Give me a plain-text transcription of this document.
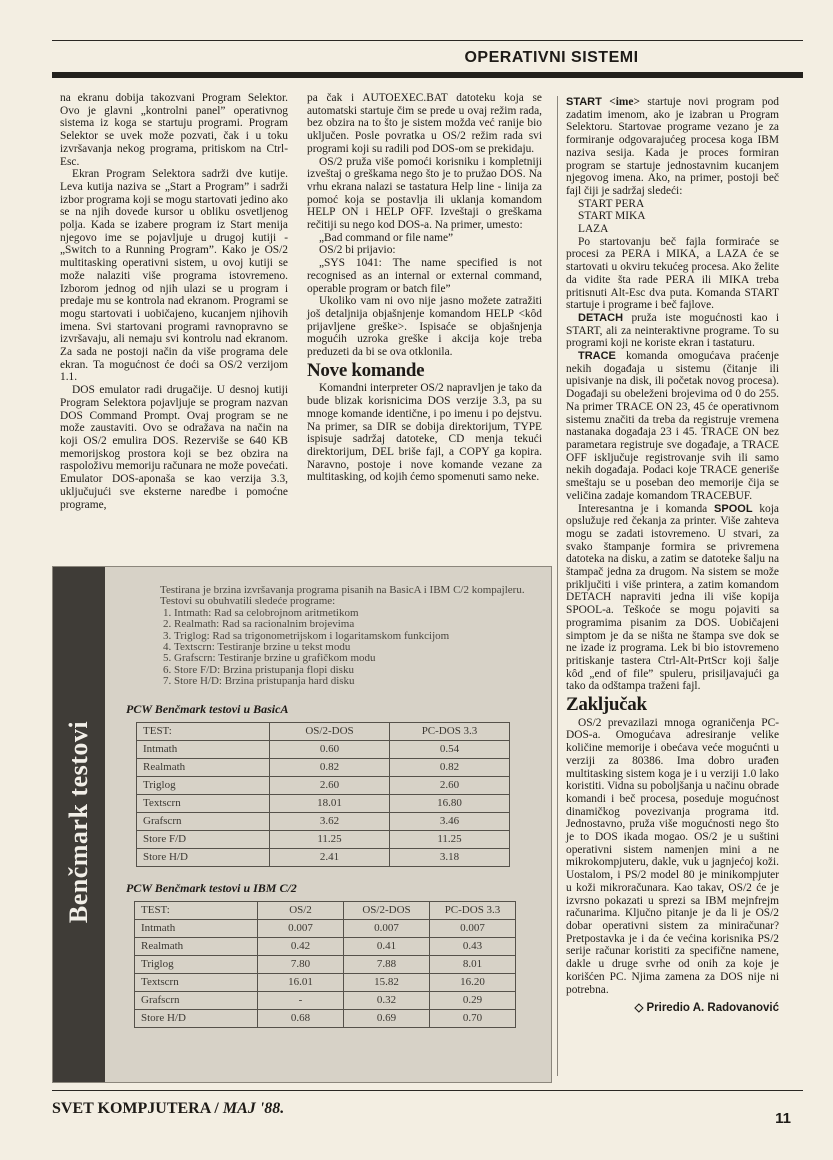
OPERATIVNI SISTEMI

na ekranu dobija takozvani Program Selektor. Ovo je glavni „kontrolni panel” operativnog sistema iz koga se startuju programi. Program Selektor se uvek može pozvati, čak i u toku izvršavanja nekog programa, pritiskom na Ctrl-Esc.

Ekran Program Selektora sadrži dve kutije. Leva kutija naziva se „Start a Program” i sadrži izbor programa koji se mogu startovati jedino ako se na njih dovede kursor u obliku osvetljenog polja. Kada se izabere program iz Start menija njegovo ime se pojavljuje u drugoj kutiji - „Switch to a Running Program”. Kako je OS/2 multitasking operativni sistem, u ovoj kutiji se može nalaziti više programa istovremeno. Izborom jednog od njih ulazi se u program i predaje mu se kontrola nad ekranom. Programi se mogu startovati i uobičajeno, kucanjem njihovih imena. Svi startovani programi ravnopravno se izvršavaju, ali nemaju svi kontrolu nad ekranom. Za sada ne postoji način da više programa dele ekran. Ta mogućnost će doći sa OS/2 verzijom 1.1.

DOS emulator radi drugačije. U desnoj kutiji Program Selektora pojavljuje se program nazvan DOS Command Prompt. Ovaj program se ne može zaustaviti. Ovo se odražava na način na koji OS/2 emulira DOS. Rezerviše se 640 KB memorijskog prostora koji se bez obzira na raspoloživu memoriju računara ne može povećati. Emulator DOS-aponaša se kao verzija 3.3, uključujući sve eksterne naredbe i pomoćne programe,

pa čak i AUTOEXEC.BAT datoteku koja se automatski startuje čim se prede u ovaj režim rada, bez obzira na to što je sistem možda već ranije bio uključen. Posle povratka u OS/2 režim rada svi programi koji su radili pod DOS-om se prekidaju.

OS/2 pruža više pomoći korisniku i kompletniji izveštaj o greškama nego što je to pružao DOS. Na vrhu ekrana nalazi se tastatura Help line - linija za pomoć koja se postavlja ili uklanja komandom HELP ON i HELP OFF. Izveštaji o greškama rečitiji su nego kod DOS-a. Na primer, umesto:

„Bad command or file name”

OS/2 bi prijavio:

„SYS 1041: The name specified is not recognised as an internal or external command, operable program or batch file”

Ukoliko vam ni ovo nije jasno možete zatražiti još detaljnija objašnjenje komandom HELP <kôd prijavljene greške>. Ispisaće se objašnjenja mogućih uzroka greške i akcija koje treba preduzeti da bi se ova otklonila.

Nove komande

Komandni interpreter OS/2 napravljen je tako da bude blizak korisnicima DOS verzije 3.3, pa su mnoge komande identične, i po imenu i po dejstvu. Na primer, sa DIR se dobija direktorijum, TYPE ispisuje sadržaj datoteke, CD menja tekući direktorijum, DEL briše fajl, a COPY ga kopira. Naravno, postoje i nove komande vezane za multitasking, od kojih ćemo spomenuti samo neke.

START <ime> startuje novi program pod zadatim imenom, ako je izabran u Program Selektoru. Startovae programe vezano je za formiranje odgovarajućeg procesa koga IBM naziva sesija. Kada je proces formiran program se startuje jednostavnim kucanjem njegovog imena. Ako, na primer, postoji beč fajl čiji je sadržaj sledeći:

START PERA

START MIKA

LAZA

Po startovanju beč fajla formiraće se procesi za PERA i MIKA, a LAZA će se startovati u okviru tekućeg procesa. Ako želite da vidite šta rade PERA ili MIKA treba pritisnuti Alt-Esc dva puta. Komanda START startuje i programe i beč fajlove.

DETACH pruža iste mogućnosti kao i START, ali za neinteraktivne programe. To su programi koji ne koriste ekran i tastaturu.

TRACE komanda omogućava praćenje nekih događaja u sistemu (čitanje ili upisivanje na disk, ili početak novog procesa). Događaji su obeleženi brojevima od 0 do 255. Na primer TRACE ON 23, 45 će operativnom sistemu značiti da treba da registruje vremena nastanaka događaja 23 i 45. TRACE ON bez parametara registruje sve događaje, a TRACE OFF isključuje registrovanje svih ili samo nekih događaja. Podaci koje TRACE generiše smeštaju se u poseban deo memorije čija se veličina zadaje komandom TRACEBUF.

Interesantna je i komanda SPOOL koja opslužuje red čekanja za printer. Više zahteva mogu se zadati istovremeno. U stvari, za svako štampanje formira se privremena datoteka na disku, a zatim se datoteke šalju na štampač jedna za drugom. Na sistem se može priključiti i više printera, a zatim komandom DETACH napraviti jedna ili više kopija SPOOL-a. Teškoće se mogu pojaviti sa programima pisanim za DOS. Uobičajeni simptom je da se ništa ne štampa sve dok se ne izade iz programa. Lek bi bio istovremeno pritiskanje tastera Ctrl-Alt-PrtScr koji šalje kôd „end of file” spuleru, prisiljavajući ga tako da odštampa traženi fajl.

Zaključak

OS/2 prevazilazi mnoga ograničenja PC-DOS-a. Omogućava adresiranje velike količine memorije i obećava veće mogućnti u verziji za 80386. Ima dobro urađen multitasking sistem koga je i u verziji 1.0 lako koristiti. Vidna su poboljšanja u načinu obrade komandi i beč procesa, poseduje mogućnost dinamičkog povezivanja programa itd. Jednostavno, pruža više mogućnosti nego što je to DOS ikada mogao. OS/2 je u suštini operativni sistem namenjen mini a ne mikrokompjuteru, dakle, vuk u jagnjećoj koži. Uostalom, i PS/2 model 80 je minikompjuter u koži mikroračunara. Kao takav, OS/2 će je izvrsno pokazati u sprezi sa IBM mejnfrejm računarima. Ključno pitanje je da li je OS/2 dobar operativni sistem za miniračunar? Pretpostavka je i da će većina korisnika PS/2 serije računar koristiti za specifične namene, dakle u druge svrhe od onih za koje je korišćen PC. Njima zamena za DOS nije ni potrebna.

◇ Priredio A. Radovanović
Benčmark testovi
Testirana je brzina izvršavanja programa pisanih na BasicA i IBM C/2 kompajleru. Testovi su obuhvatili sledeće programe:
1. Intmath: Rad sa celobrojnom aritmetikom
2. Realmath: Rad sa racionalnim brojevima
3. Triglog: Rad sa trigonometrijskom i logaritamskom funkcijom
4. Textscrn: Testiranje brzine u tekst modu
5. Grafscrn: Testiranje brzine u grafičkom modu
6. Store F/D: Brzina pristupanja flopi disku
7. Store H/D: Brzina pristupanja hard disku
PCW Benčmark testovi u BasicA
TEST:	OS/2-DOS	PC-DOS 3.3
Intmath	0.60	0.54
Realmath	0.82	0.82
Triglog	2.60	2.60
Textscrn	18.01	16.80
Grafscrn	3.62	3.46
Store F/D	11.25	11.25
Store H/D	2.41	3.18
PCW Benčmark testovi u IBM C/2
TEST:	OS/2	OS/2-DOS	PC-DOS 3.3
Intmath	0.007	0.007	0.007
Realmath	0.42	0.41	0.43
Triglog	7.80	7.88	8.01
Textscrn	16.01	15.82	16.20
Grafscrn	-	0.32	0.29
Store H/D	0.68	0.69	0.70
SVET KOMPJUTERA / MAJ '88.
11
